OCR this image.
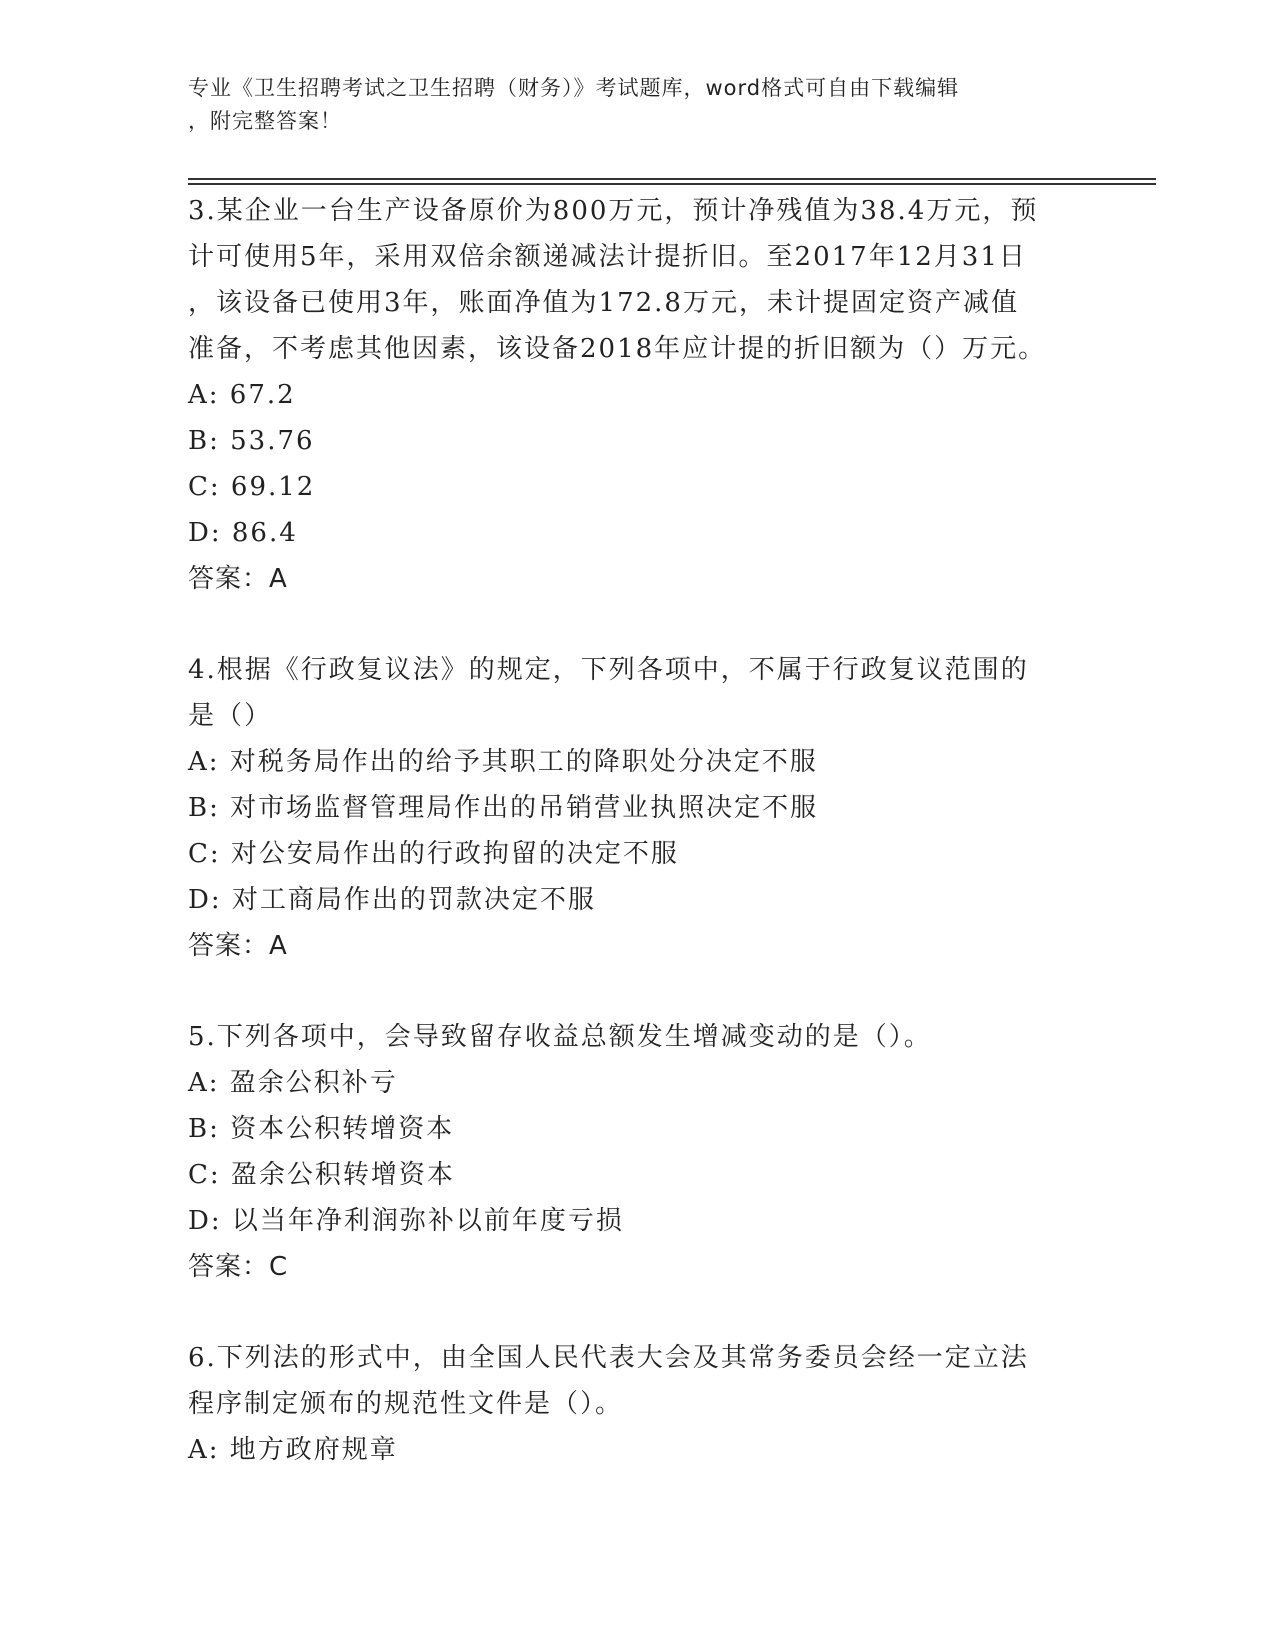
专业《卫生招聘考试之卫生招聘（财务）》考试题库，word格式可自由下载编辑
，附完整答案！

3.某企业一台生产设备原价为800万元，预计净残值为38.4万元，预

计可使用5年，采用双倍余额递减法计提折旧。至2017年12月31日

，该设备已使用3年，账面净值为172.8万元，未计提固定资产减值

准备，不考虑其他因素，该设备2018年应计提的折旧额为（）万元。

A: 67.2

B: 53.76

C: 69.12

D: 86.4

答案：A

4.根据《行政复议法》的规定，下列各项中，不属于行政复议范围的

是（）

A: 对税务局作出的给予其职工的降职处分决定不服

B: 对市场监督管理局作出的吊销营业执照决定不服

C: 对公安局作出的行政拘留的决定不服

D: 对工商局作出的罚款决定不服

答案：A

5.下列各项中，会导致留存收益总额发生增减变动的是（）。

A: 盈余公积补亏

B: 资本公积转增资本

C: 盈余公积转增资本

D: 以当年净利润弥补以前年度亏损

答案：C

6.下列法的形式中，由全国人民代表大会及其常务委员会经一定立法

程序制定颁布的规范性文件是（）。

A: 地方政府规章
